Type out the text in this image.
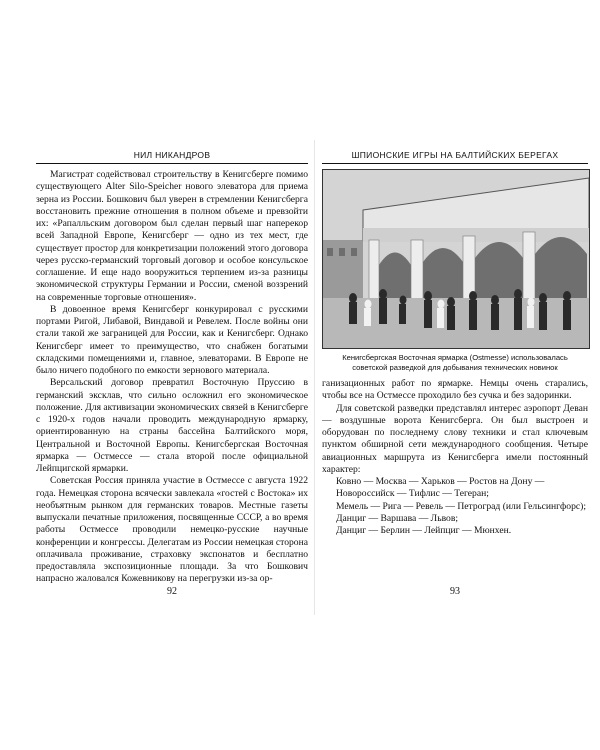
НИЛ НИКАНДРОВ

Магистрат содействовал строительству в Кенигсберге помимо существующего Alter Silo-Speicher нового элеватора для приема зерна из России. Бошкович был уверен в стремлении Кенигсберга восстановить прежние отношения в полном объеме и превзойти их: «Рапалльским договором был сделан первый шаг наперекор всей Западной Европе, Кенигсберг — одно из тех мест, где существует простор для конкретизации положений этого договора через русско-германский торговый договор и особое консульское соглашение. И еще надо вооружиться терпением из-за разницы экономической структуры Германии и России, сменой воззрений на современные торговые отношения».

В довоенное время Кенигсберг конкурировал с русскими портами Ригой, Либавой, Виндавой и Ревелем. После войны они стали такой же заграницей для России, как и Кенигсберг. Однако Кенигсберг имеет то преимущество, что снабжен богатыми складскими помещениями и, главное, элеваторами. В Европе не было ничего подобного по емкости зернового материала.

Версальский договор превратил Восточную Пруссию в германский эксклав, что сильно осложнил его экономическое положение. Для активизации экономических связей в Кенигсберге с 1920-х годов начали проводить международную ярмарку, ориентированную на страны бассейна Балтийского моря, Центральной и Восточной Европы. Кенигсбергская Восточная ярмарка — Остмессе — стала второй после официальной Лейпцигской ярмарки.

Советская Россия приняла участие в Остмессе с августа 1922 года. Немецкая сторона всячески завлекала «гостей с Востока» их необъятным рынком для германских товаров. Местные газеты выпускали печатные приложения, посвященные СССР, а во время работы Остмессе проводили немецко-русские научные конференции и конгрессы. Делегатам из России немецкая сторона оплачивала проживание, страховку экспонатов и бесплатно предоставляла экспозиционные площади. За что Бошкович напрасно жаловался Кожевникову на перегрузки из-за ор-

92
ШПИОНСКИЕ ИГРЫ НА БАЛТИЙСКИХ БЕРЕГАХ
Кенигсбергская Восточная ярмарка (Ostmesse) использовалась советской разведкой для добывания технических новинок

ганизационных работ по ярмарке. Немцы очень старались, чтобы все на Остмессе проходило без сучка и без задоринки.

Для советской разведки представлял интерес аэропорт Деван — воздушные ворота Кенигсберга. Он был выстроен и оборудован по последнему слову техники и стал ключевым пунктом обширной сети международного сообщения. Четыре авиационных маршрута из Кенигсберга имели постоянный характер:

Ковно — Москва — Харьков — Ростов на Дону — Новороссийск — Тифлис — Тегеран;

Мемель — Рига — Ревель — Петроград (или Гельсингфорс);

Данциг — Варшава — Львов;

Данциг — Берлин — Лейпциг — Мюнхен.

93
